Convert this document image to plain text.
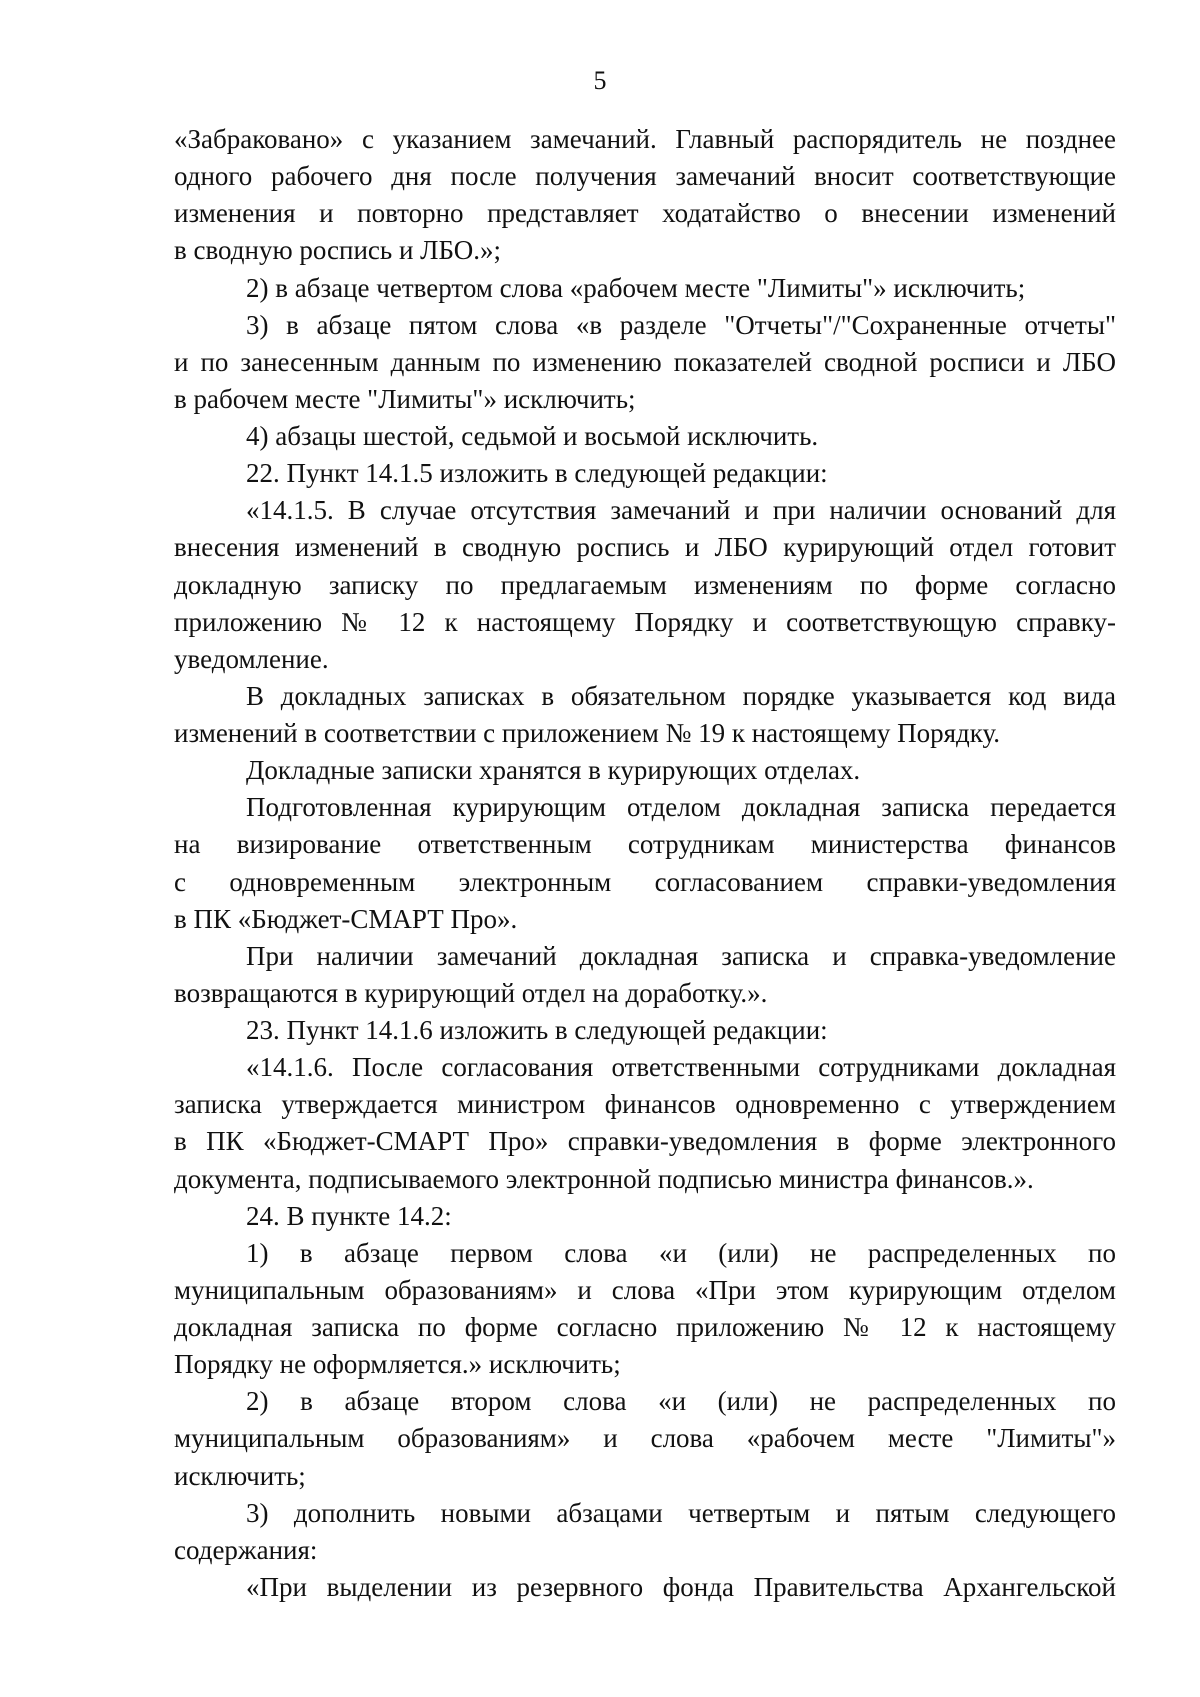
5
«Забраковано» с указанием замечаний. Главный распорядитель не позднее
одного рабочего дня после получения замечаний вносит соответствующие
изменения и повторно представляет ходатайство о внесении изменений
в сводную роспись и ЛБО.»;
2) в абзаце четвертом слова «рабочем месте "Лимиты"» исключить;
3) в абзаце пятом слова «в разделе "Отчеты"/"Сохраненные отчеты"
и по занесенным данным по изменению показателей сводной росписи и ЛБО
в рабочем месте "Лимиты"» исключить;
4) абзацы шестой, седьмой и восьмой исключить.
22. Пункт 14.1.5 изложить в следующей редакции:
«14.1.5. В случае отсутствия замечаний и при наличии оснований для
внесения изменений в сводную роспись и ЛБО курирующий отдел готовит
докладную записку по предлагаемым изменениям по форме согласно
приложению № 12 к настоящему Порядку и соответствующую справку-
уведомление.
В докладных записках в обязательном порядке указывается код вида
изменений в соответствии с приложением № 19 к настоящему Порядку.
Докладные записки хранятся в курирующих отделах.
Подготовленная курирующим отделом докладная записка передается
на визирование ответственным сотрудникам министерства финансов
с одновременным электронным согласованием справки-уведомления
в ПК «Бюджет-СМАРТ Про».
При наличии замечаний докладная записка и справка-уведомление
возвращаются в курирующий отдел на доработку.».
23. Пункт 14.1.6 изложить в следующей редакции:
«14.1.6. После согласования ответственными сотрудниками докладная
записка утверждается министром финансов одновременно с утверждением
в ПК «Бюджет-СМАРТ Про» справки-уведомления в форме электронного
документа, подписываемого электронной подписью министра финансов.».
24. В пункте 14.2:
1) в абзаце первом слова «и (или) не распределенных по
муниципальным образованиям» и слова «При этом курирующим отделом
докладная записка по форме согласно приложению № 12 к настоящему
Порядку не оформляется.» исключить;
2) в абзаце втором слова «и (или) не распределенных по
муниципальным образованиям» и слова «рабочем месте "Лимиты"»
исключить;
3) дополнить новыми абзацами четвертым и пятым следующего
содержания:
«При выделении из резервного фонда Правительства Архангельской
